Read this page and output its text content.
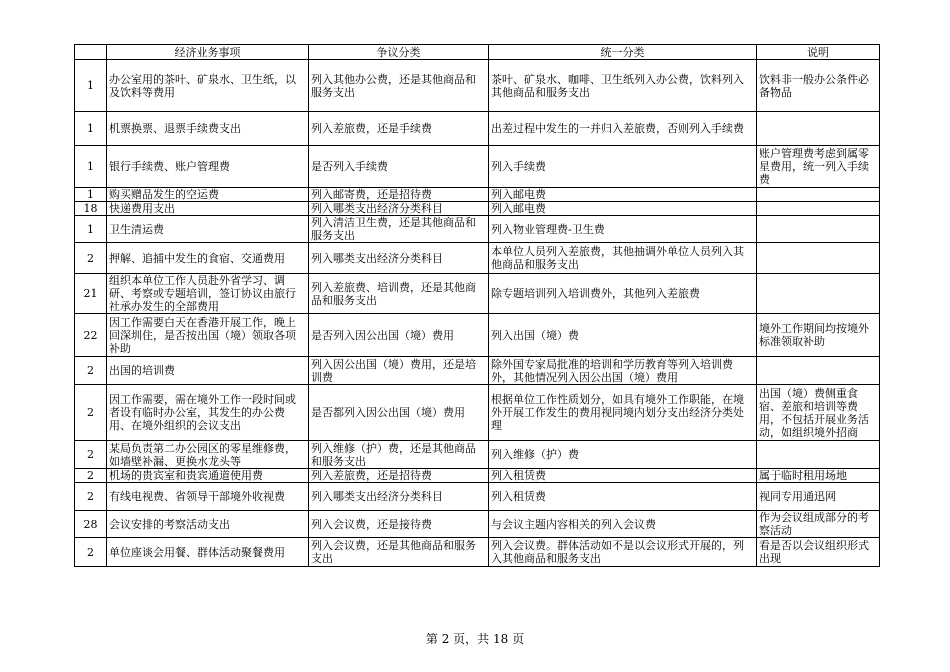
	经济业务事项	争议分类	统一分类	说明
1	办公室用的茶叶、矿泉水、卫生纸，以及饮料等费用	列入其他办公费，还是其他商品和服务支出	茶叶、矿泉水、咖啡、卫生纸列入办公费，饮料列入其他商品和服务支出	饮料非一般办公条件必备物品
1	机票换票、退票手续费支出	列入差旅费，还是手续费	出差过程中发生的一并归入差旅费，否则列入手续费	
1	银行手续费、账户管理费	是否列入手续费	列入手续费	账户管理费考虑到属零星费用，统一列入手续费
1	购买赠品发生的空运费	列入邮寄费，还是招待费	列入邮电费	
18	快递费用支出	列入哪类支出经济分类科目	列入邮电费	
1	卫生清运费	列入清洁卫生费，还是其他商品和服务支出	列入物业管理费-卫生费	
2	押解、追捕中发生的食宿、交通费用	列入哪类支出经济分类科目	本单位人员列入差旅费，其他抽调外单位人员列入其他商品和服务支出	
21	组织本单位工作人员赴外省学习、调研、考察或专题培训，签订协议由旅行社承办发生的全部费用	列入差旅费、培训费，还是其他商品和服务支出	除专题培训列入培训费外，其他列入差旅费	
22	因工作需要白天在香港开展工作，晚上回深圳住，是否按出国（境）领取各项补助	是否列入因公出国（境）费用	列入出国（境）费	境外工作期间均按境外标准领取补助
2	出国的培训费	列入因公出国（境）费用，还是培训费	除外国专家局批准的培训和学历教育等列入培训费外，其他情况列入因公出国（境）费用	
2	因工作需要，需在境外工作一段时间或者设有临时办公室，其发生的办公费用、在境外组织的会议支出	是否都列入因公出国（境）费用	根据单位工作性质划分，如具有境外工作职能，在境外开展工作发生的费用视同境内划分支出经济分类处理	出国（境）费侧重食宿、差旅和培训等费用，不包括开展业务活动，如组织境外招商
2	某局负责第二办公园区的零星维修费，如墙壁补漏、更换水龙头等	列入维修（护）费，还是其他商品和服务支出	列入维修（护）费	
2	机场的贵宾室和贵宾通道使用费	列入差旅费，还是招待费	列入租赁费	属于临时租用场地
2	有线电视费、省领导干部境外收视费	列入哪类支出经济分类科目	列入租赁费	视同专用通迅网
28	会议安排的考察活动支出	列入会议费，还是接待费	与会议主题内容相关的列入会议费	作为会议组成部分的考察活动
2	单位座谈会用餐、群体活动聚餐费用	列入会议费，还是其他商品和服务支出	列入会议费。群体活动如不是以会议形式开展的，列入其他商品和服务支出	看是否以会议组织形式出现
第 2 页，共 18 页
